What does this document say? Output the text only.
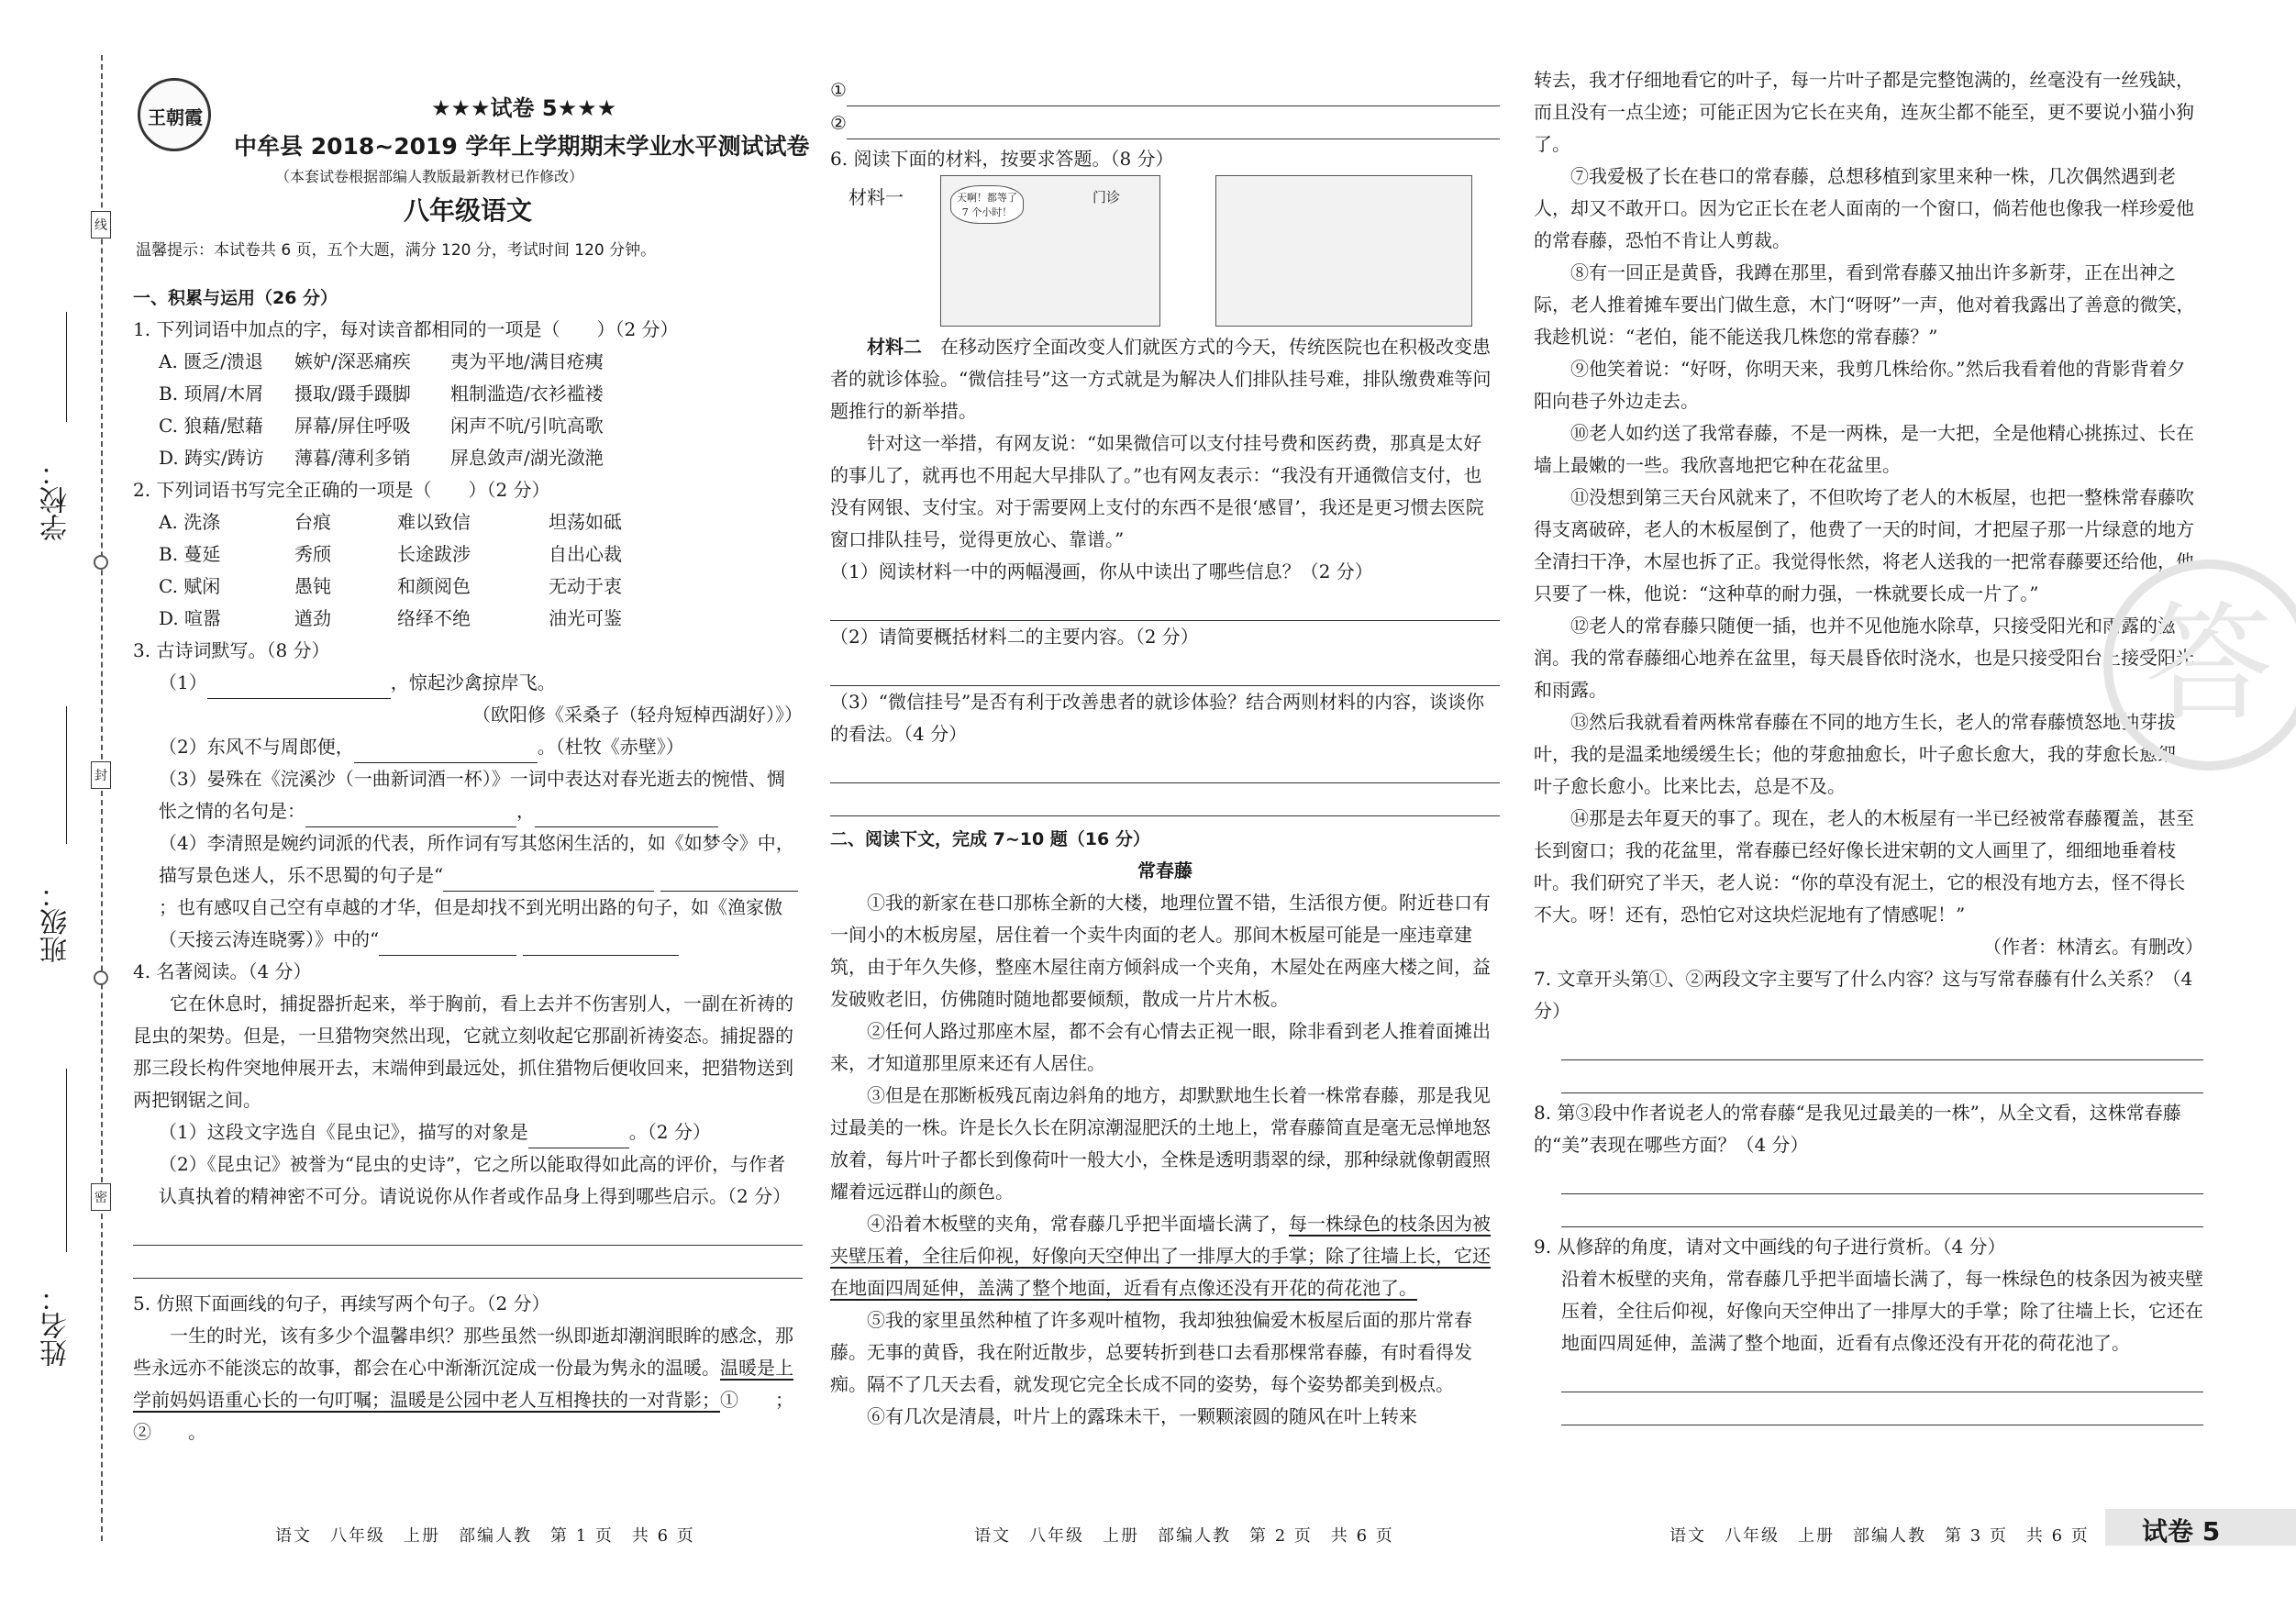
线
封
密
学校：
班级：
姓名：
王朝霞	★★★试卷 5★★★
中牟县 2018~2019 学年上学期期末学业水平测试试卷
（本套试卷根据部编人教版最新教材已作修改）
八年级语文
温馨提示：本试卷共 6 页，五个大题，满分 120 分，考试时间 120 分钟。

一、积累与运用（26 分）

1. 下列词语中加点的字，每对读音都相同的一项是（　　）（2 分）

A. 匮乏/溃退	嫉妒/深恶痛疾	夷为平地/满目疮痍
B. 顼屑/木屑	摄取/蹑手蹑脚	粗制滥造/衣衫褴褛
C. 狼藉/慰藉	屏幕/屏住呼吸	闲声不吭/引吭高歌
D. 踌实/踌访	薄暮/薄利多销	屏息敛声/湖光潋滟

2. 下列词语书写完全正确的一项是（　　）（2 分）

A. 洗涤	台痕	难以致信	坦荡如砥
B. 蔓延	秀颀	长途跋涉	自出心裁
C. 赋闲	愚钝	和颜阅色	无动于衷
D. 喧嚣	遒劲	络绎不绝	油光可鉴

3. 古诗词默写。（8 分）

（1）	，惊起沙禽掠岸飞。

（欧阳修《采桑子（轻舟短棹西湖好）》）

（2）东风不与周郎便，	。（杜牧《赤壁》）

（3）晏殊在《浣溪沙（一曲新词酒一杯）》一词中表达对春光逝去的惋惜、惆怅之情的名句是：	，

（4）李清照是婉约词派的代表，所作词有写其悠闲生活的，如《如梦令》中，描写景色迷人，乐不思蜀的句子是“ ；也有感叹自己空有卓越的才华，但是却找不到光明出路的句子，如《渔家傲（天接云涛连晓雾）》中的“

4. 名著阅读。（4 分）

它在休息时，捕捉器折起来，举于胸前，看上去并不伤害别人，一副在祈祷的昆虫的架势。但是，一旦猎物突然出现，它就立刻收起它那副祈祷姿态。捕捉器的那三段长构件突地伸展开去，末端伸到最远处，抓住猎物后便收回来，把猎物送到两把钢锯之间。

（1）这段文字选自《昆虫记》，描写的对象是	。（2 分）

（2）《昆虫记》被誉为“昆虫的史诗”，它之所以能取得如此高的评价，与作者认真执着的精神密不可分。请说说你从作者或作品身上得到哪些启示。（2 分）

5. 仿照下面画线的句子，再续写两个句子。（2 分）

一生的时光，该有多少个温馨串织？那些虽然一纵即逝却潮润眼眸的感念，那些永远亦不能淡忘的故事，都会在心中渐渐沉淀成一份最为隽永的温暖。温暖是上学前妈妈语重心长的一句叮嘱；温暖是公园中老人互相搀扶的一对背影；①　　；②　　。

语文　八年级　上册　部编人教　第 1 页　共 6 页
①
②

6. 阅读下面的材料，按要求答题。（8 分）

材料一	天啊！都等了 7 个小时！
门诊

材料二　 在移动医疗全面改变人们就医方式的今天，传统医院也在积极改变患者的就诊体验。“微信挂号”这一方式就是为解决人们排队挂号难，排队缴费难等问题推行的新举措。

针对这一举措，有网友说：“如果微信可以支付挂号费和医药费，那真是太好的事儿了，就再也不用起大早排队了。”也有网友表示：“我没有开通微信支付，也没有网银、支付宝。对于需要网上支付的东西不是很‘感冒’，我还是更习惯去医院窗口排队挂号，觉得更放心、靠谱。”

（1）阅读材料一中的两幅漫画，你从中读出了哪些信息？（2 分）

（2）请简要概括材料二的主要内容。（2 分）

（3）“微信挂号”是否有利于改善患者的就诊体验？结合两则材料的内容，谈谈你的看法。（4 分）

二、阅读下文，完成 7~10 题（16 分）

常春藤

①我的新家在巷口那栋全新的大楼，地理位置不错，生活很方便。附近巷口有一间小的木板房屋，居住着一个卖牛肉面的老人。那间木板屋可能是一座违章建筑，由于年久失修，整座木屋往南方倾斜成一个夹角，木屋处在两座大楼之间，益发破败老旧，仿佛随时随地都要倾颓，散成一片片木板。

②任何人路过那座木屋，都不会有心情去正视一眼，除非看到老人推着面摊出来，才知道那里原来还有人居住。

③但是在那断板残瓦南边斜角的地方，却默默地生长着一株常春藤，那是我见过最美的一株。许是长久长在阴凉潮湿肥沃的土地上，常春藤简直是毫无忌惮地怒放着，每片叶子都长到像荷叶一般大小，全株是透明翡翠的绿，那种绿就像朝霞照耀着远远群山的颜色。

④沿着木板壁的夹角，常春藤几乎把半面墙长满了，每一株绿色的枝条因为被夹壁压着，全往后仰视，好像向天空伸出了一排厚大的手掌；除了往墙上长，它还在地面四周延伸，盖满了整个地面，近看有点像还没有开花的荷花池了。

⑤我的家里虽然种植了许多观叶植物，我却独独偏爱木板屋后面的那片常春藤。无事的黄昏，我在附近散步，总要转折到巷口去看那棵常春藤，有时看得发痴。隔不了几天去看，就发现它完全长成不同的姿势，每个姿势都美到极点。

⑥有几次是清晨，叶片上的露珠未干，一颗颗滚圆的随风在叶上转来

语文　八年级　上册　部编人教　第 2 页　共 6 页

转去，我才仔细地看它的叶子，每一片叶子都是完整饱满的，丝毫没有一丝残缺，而且没有一点尘迹；可能正因为它长在夹角，连灰尘都不能至，更不要说小猫小狗了。

⑦我爱极了长在巷口的常春藤，总想移植到家里来种一株，几次偶然遇到老人，却又不敢开口。因为它正长在老人面南的一个窗口，倘若他也像我一样珍爱他的常春藤，恐怕不肯让人剪裁。

⑧有一回正是黄昏，我蹲在那里，看到常春藤又抽出许多新芽，正在出神之际，老人推着摊车要出门做生意，木门“呀呀”一声，他对着我露出了善意的微笑，我趁机说：“老伯，能不能送我几株您的常春藤？”

⑨他笑着说：“好呀，你明天来，我剪几株给你。”然后我看着他的背影背着夕阳向巷子外边走去。

⑩老人如约送了我常春藤，不是一两株，是一大把，全是他精心挑拣过、长在墙上最嫩的一些。我欣喜地把它种在花盆里。

⑪没想到第三天台风就来了，不但吹垮了老人的木板屋，也把一整株常春藤吹得支离破碎，老人的木板屋倒了，他费了一天的时间，才把屋子那一片绿意的地方全清扫干净，木屋也拆了正。我觉得怅然，将老人送我的一把常春藤要还给他，他只要了一株，他说：“这种草的耐力强，一株就要长成一片了。”

⑫老人的常春藤只随便一插，也并不见他施水除草，只接受阳光和雨露的滋润。我的常春藤细心地养在盆里，每天晨昏依时浇水，也是只接受阳台上接受阳光和雨露。

⑬然后我就看着两株常春藤在不同的地方生长，老人的常春藤愤怒地抽芽拔叶，我的是温柔地缓缓生长；他的芽愈抽愈长，叶子愈长愈大，我的芽愈长愈细，叶子愈长愈小。比来比去，总是不及。

⑭那是去年夏天的事了。现在，老人的木板屋有一半已经被常春藤覆盖，甚至长到窗口；我的花盆里，常春藤已经好像长进宋朝的文人画里了，细细地垂着枝叶。我们研究了半天，老人说：“你的草没有泥土，它的根没有地方去，怪不得长不大。呀！还有，恐怕它对这块烂泥地有了情感呢！”

（作者：林清玄。有删改）

7. 文章开头第①、②两段文字主要写了什么内容？这与写常春藤有什么关系？（4 分）

8. 第③段中作者说老人的常春藤“是我见过最美的一株”，从全文看，这株常春藤的“美”表现在哪些方面？（4 分）

9. 从修辞的角度，请对文中画线的句子进行赏析。（4 分）

沿着木板壁的夹角，常春藤几乎把半面墙长满了，每一株绿色的枝条因为被夹壁压着，全往后仰视，好像向天空伸出了一排厚大的手掌；除了往墙上长，它还在地面四周延伸，盖满了整个地面，近看有点像还没有开花的荷花池了。

答
语文　八年级　上册　部编人教　第 3 页　共 6 页 试卷 5
